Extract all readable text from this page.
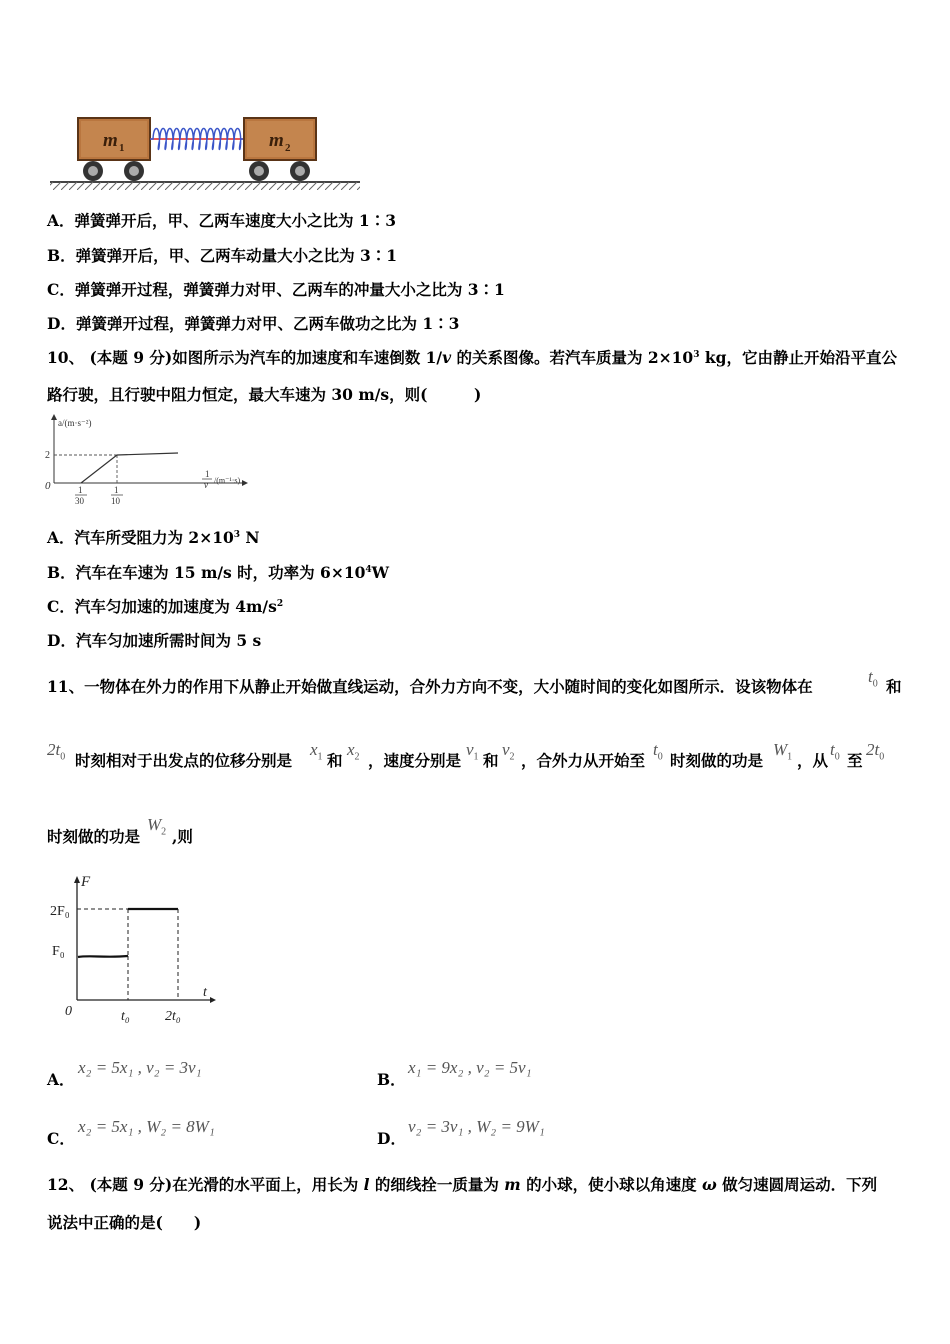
m 1	m 2
A．弹簧弹开后，甲、乙两车速度大小之比为 1∶3
B．弹簧弹开后，甲、乙两车动量大小之比为 3∶1
C．弹簧弹开过程，弹簧弹力对甲、乙两车的冲量大小之比为 3∶1
D．弹簧弹开过程，弹簧弹力对甲、乙两车做功之比为 1∶3
10、 (本题 9 分)如图所示为汽车的加速度和车速倒数 1/v 的关系图像。若汽车质量为 $2\times 10^3$ kg，它由静止开始沿平直公
路行驶，且行驶中阻力恒定，最大车速为 30 m/s，则(　　　)
a/(m·s⁻²)
2
0	1
30
1
10
1
v /(m⁻¹·s)
A．汽车所受阻力为 $2\times 10^3$ N
B．汽车在车速为 15 m/s 时，功率为 $6\times 10^4W$
C．汽车匀加速的加速度为 $4m/s^2$
D．汽车匀加速所需时间为 5 s
11、一物体在外力的作用下从静止开始做直线运动，合外力方向不变，大小随时间的变化如图所示．设该物体在
$t_0$ 和
$2t_0$ 时刻相对于出发点的位移分别是
$x_1$ 和
$x_2$ ，速度分别是
$v_1$ 和
$v_2$ ，合外力从开始至
$t_0$ 时刻做的功是
$W_1$ ，从
$t_0$ 至
$2t_0$
时刻做的功是
$W_2$ ,则
F
2F₀
F₀
0
t
t₀	2t₀
A．
x₂ = 5x₁ , v₂ = 3v₁
B．
x₁ = 9x₂ , v₂ = 5v₁
C．
x₂ = 5x₁ , W₂ = 8W₁
D．
v₂ = 3v₁ , W₂ = 9W₁
12、 (本题 9 分)在光滑的水平面上，用长为 l 的细线拴一质量为 m 的小球，使小球以角速度 ω 做匀速圆周运动．下列
说法中正确的是(　　)
